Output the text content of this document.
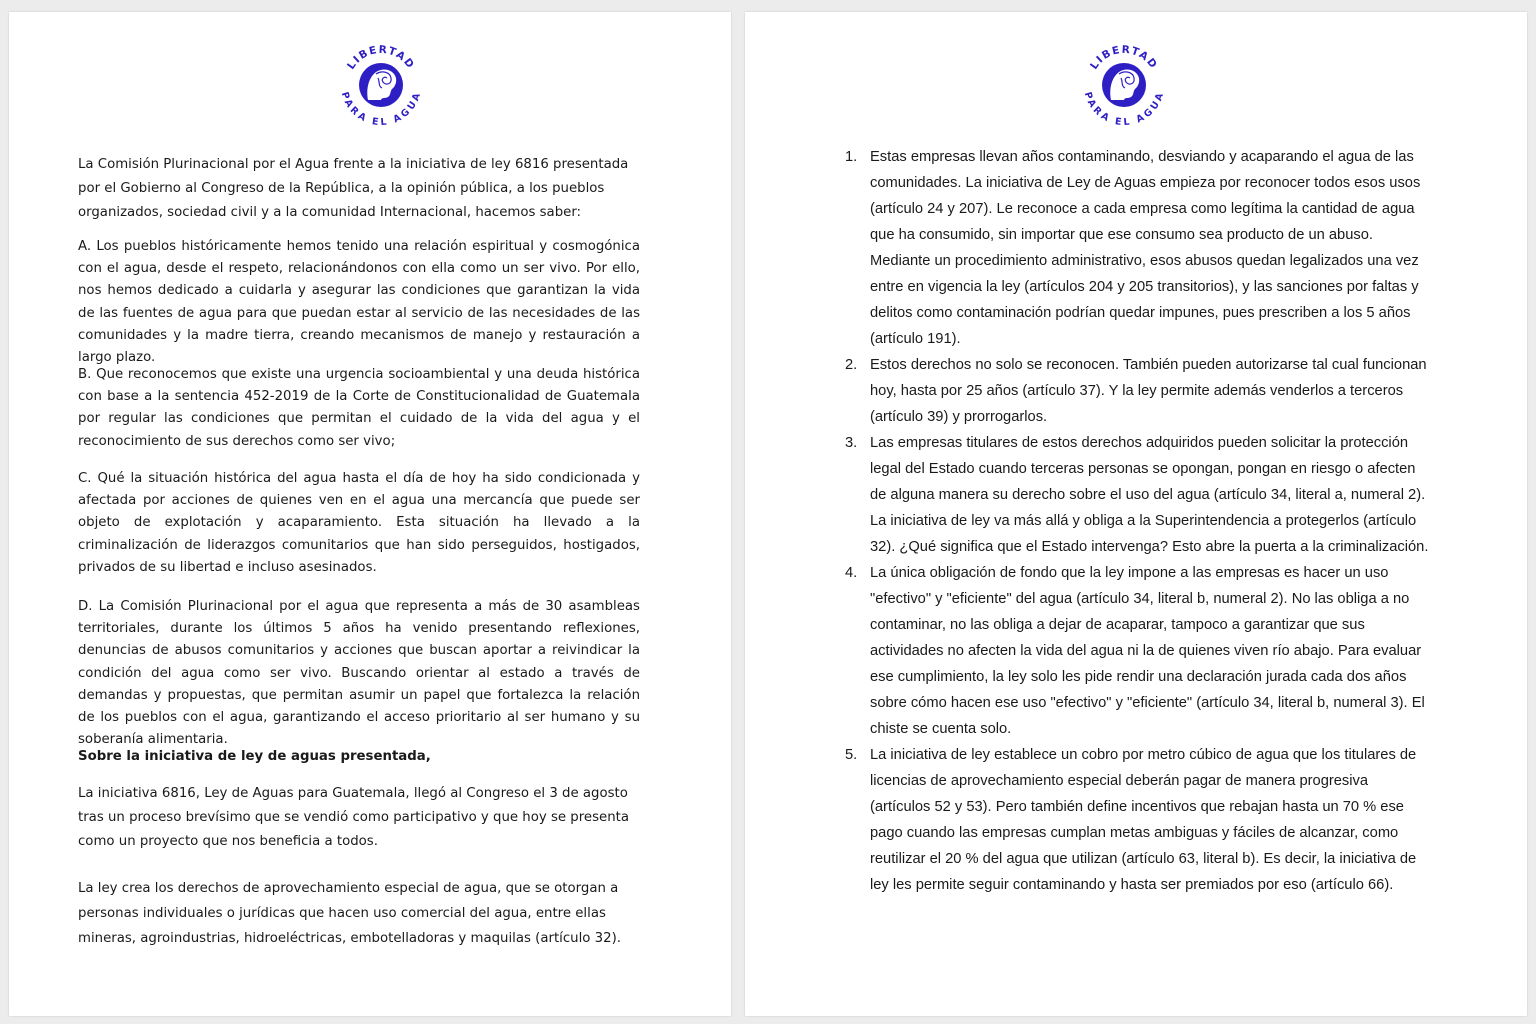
LIBERTAD
PARA EL AGUA

La Comisión Plurinacional por el Agua frente a la iniciativa de ley 6816 presentada por el Gobierno al Congreso de la República, a la opinión pública, a los pueblos organizados, sociedad civil y a la comunidad Internacional, hacemos saber:

A. Los pueblos históricamente hemos tenido una relación espiritual y cosmogónica con el agua, desde el respeto, relacionándonos con ella como un ser vivo. Por ello, nos hemos dedicado a cuidarla y asegurar las condiciones que garantizan la vida de las fuentes de agua para que puedan estar al servicio de las necesidades de las comunidades y la madre tierra, creando mecanismos de manejo y restauración a largo plazo.

B. Que reconocemos que existe una urgencia socioambiental y una deuda histórica con base a la sentencia 452-2019 de la Corte de Constitucionalidad de Guatemala por regular las condiciones que permitan el cuidado de la vida del agua y el reconocimiento de sus derechos como ser vivo;

C. Qué la situación histórica del agua hasta el día de hoy ha sido condicionada y afectada por acciones de quienes ven en el agua una mercancía que puede ser objeto de explotación y acaparamiento. Esta situación ha llevado a la criminalización de liderazgos comunitarios que han sido perseguidos, hostigados, privados de su libertad e incluso asesinados.

D. La Comisión Plurinacional por el agua que representa a más de 30 asambleas territoriales, durante los últimos 5 años ha venido presentando reflexiones, denuncias de abusos comunitarios y acciones que buscan aportar a reivindicar la condición del agua como ser vivo. Buscando orientar al estado a través de demandas y propuestas, que permitan asumir un papel que fortalezca la relación de los pueblos con el agua, garantizando el acceso prioritario al ser humano y su soberanía alimentaria.

Sobre la iniciativa de ley de aguas presentada,

La iniciativa 6816, Ley de Aguas para Guatemala, llegó al Congreso el 3 de agosto tras un proceso brevísimo que se vendió como participativo y que hoy se presenta como un proyecto que nos beneficia a todos.

La ley crea los derechos de aprovechamiento especial de agua, que se otorgan a personas individuales o jurídicas que hacen uso comercial del agua, entre ellas mineras, agroindustrias, hidroeléctricas, embotelladoras y maquilas (artículo 32).

LIBERTAD
PARA EL AGUA
1. Estas empresas llevan años contaminando, desviando y acaparando el agua de las comunidades. La iniciativa de Ley de Aguas empieza por reconocer todos esos usos (artículo 24 y 207). Le reconoce a cada empresa como legítima la cantidad de agua que ha consumido, sin importar que ese consumo sea producto de un abuso. Mediante un procedimiento administrativo, esos abusos quedan legalizados una vez entre en vigencia la ley (artículos 204 y 205 transitorios), y las sanciones por faltas y delitos como contaminación podrían quedar impunes, pues prescriben a los 5 años (artículo 191).
2. Estos derechos no solo se reconocen. También pueden autorizarse tal cual funcionan hoy, hasta por 25 años (artículo 37). Y la ley permite además venderlos a terceros (artículo 39) y prorrogarlos.
3. Las empresas titulares de estos derechos adquiridos pueden solicitar la protección legal del Estado cuando terceras personas se opongan, pongan en riesgo o afecten de alguna manera su derecho sobre el uso del agua (artículo 34, literal a, numeral 2). La iniciativa de ley va más allá y obliga a la Superintendencia a protegerlos (artículo 32). ¿Qué significa que el Estado intervenga? Esto abre la puerta a la criminalización.
4. La única obligación de fondo que la ley impone a las empresas es hacer un uso "efectivo" y "eficiente" del agua (artículo 34, literal b, numeral 2). No las obliga a no contaminar, no las obliga a dejar de acaparar, tampoco a garantizar que sus actividades no afecten la vida del agua ni la de quienes viven río abajo. Para evaluar ese cumplimiento, la ley solo les pide rendir una declaración jurada cada dos años sobre cómo hacen ese uso "efectivo" y "eficiente" (artículo 34, literal b, numeral 3). El chiste se cuenta solo.
5. La iniciativa de ley establece un cobro por metro cúbico de agua que los titulares de licencias de aprovechamiento especial deberán pagar de manera progresiva (artículos 52 y 53). Pero también define incentivos que rebajan hasta un 70 % ese pago cuando las empresas cumplan metas ambiguas y fáciles de alcanzar, como reutilizar el 20 % del agua que utilizan (artículo 63, literal b). Es decir, la iniciativa de ley les permite seguir contaminando y hasta ser premiados por eso (artículo 66).
